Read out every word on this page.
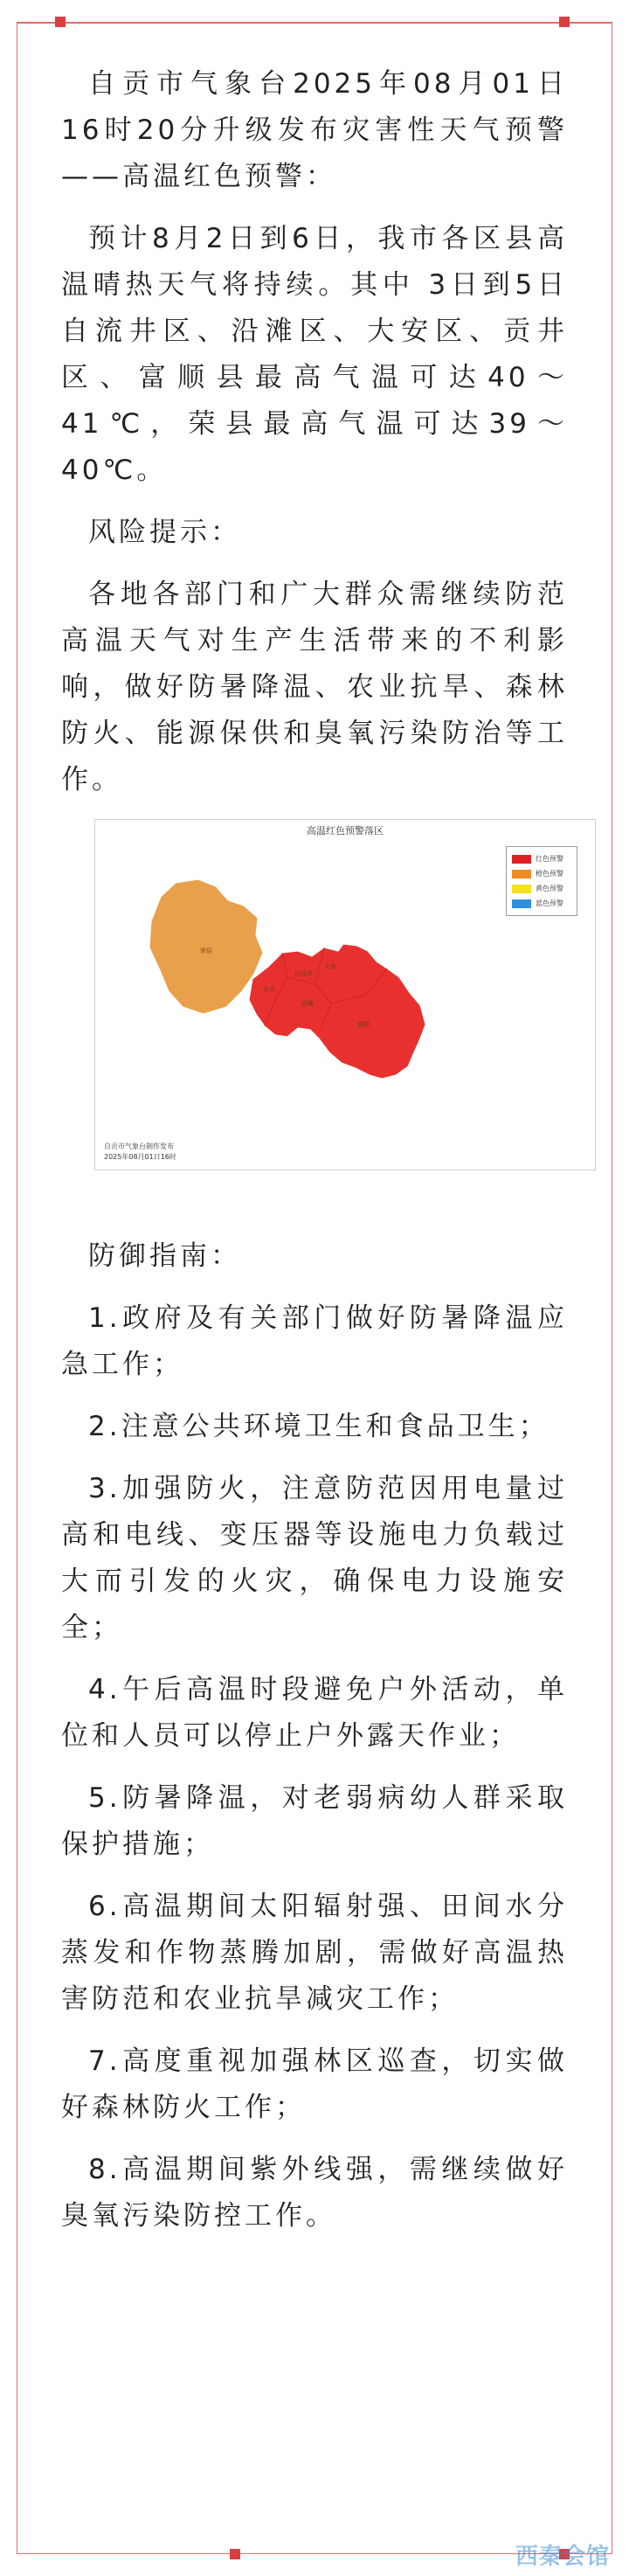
自贡市气象台2025年08月01日16时20分升级发布灾害性天气预警——高温红色预警：

预计8月2日到6日，我市各区县高温晴热天气将持续。其中 3日到5日自流井区、沿滩区、大安区、贡井区、富顺县最高气温可达40～41℃，荣县最高气温可达39～40℃。

风险提示：

各地各部门和广大群众需继续防范高温天气对生产生活带来的不利影响，做好防暑降温、农业抗旱、森林防火、能源保供和臭氧污染防治等工作。

高温红色预警落区
荣县
贡井
自流井
大安
沿滩
富顺
红色预警
橙色预警
黄色预警
蓝色预警
自贡市气象台制作发布
2025年08月01日16时

防御指南：

1.政府及有关部门做好防暑降温应急工作；

2.注意公共环境卫生和食品卫生；

3.加强防火，注意防范因用电量过高和电线、变压器等设施电力负载过大而引发的火灾，确保电力设施安全；

4.午后高温时段避免户外活动，单位和人员可以停止户外露天作业；

5.防暑降温，对老弱病幼人群采取保护措施；

6.高温期间太阳辐射强、田间水分蒸发和作物蒸腾加剧，需做好高温热害防范和农业抗旱减灾工作；

7.高度重视加强林区巡查，切实做好森林防火工作；

8.高温期间紫外线强，需继续做好臭氧污染防控工作。

西秦会馆
